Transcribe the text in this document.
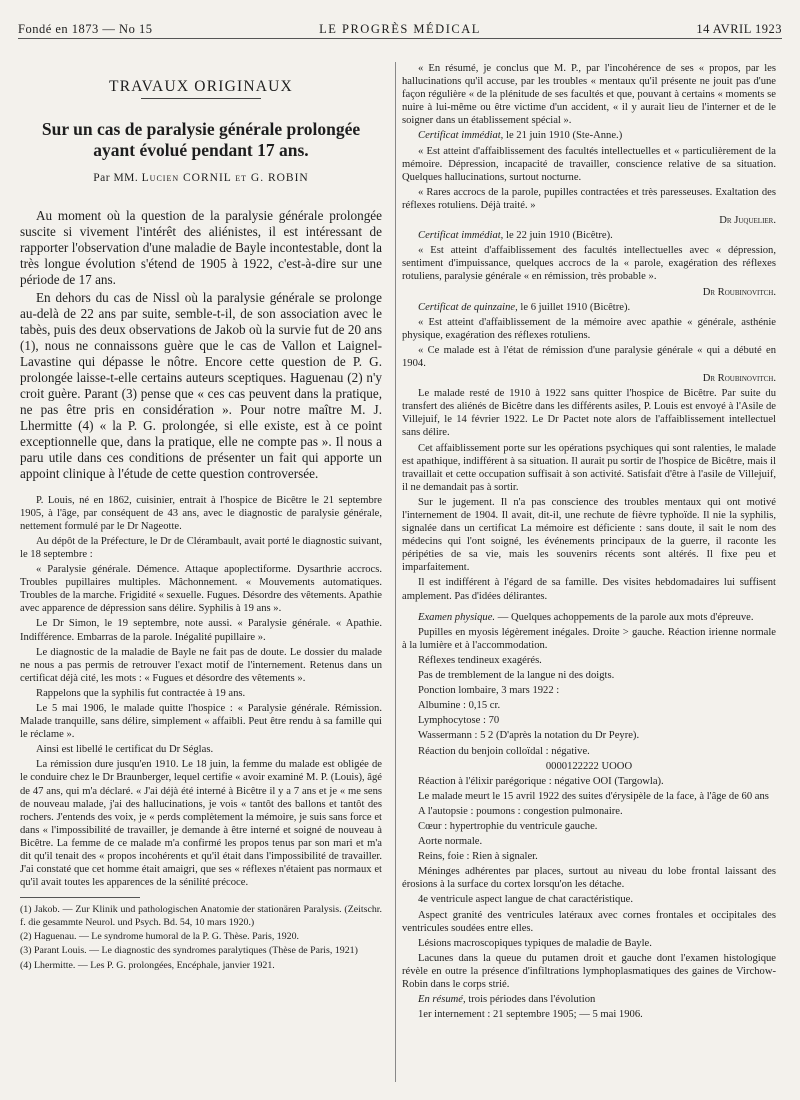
Fondé en 1873 — No 15	LE PROGRÈS MÉDICAL	14 AVRIL 1923
TRAVAUX ORIGINAUX
Sur un cas de paralysie générale prolongée
ayant évolué pendant 17 ans.
Par MM. Lucien CORNIL et G. ROBIN

Au moment où la question de la paralysie générale prolongée suscite si vivement l'intérêt des aliénistes, il est intéressant de rapporter l'observation d'une maladie de Bayle incontestable, dont la très longue évolution s'étend de 1905 à 1922, c'est-à-dire sur une période de 17 ans.

En dehors du cas de Nissl où la paralysie générale se prolonge au-delà de 22 ans par suite, semble-t-il, de son association avec le tabès, puis des deux observations de Jakob où la survie fut de 20 ans (1), nous ne connaissons guère que le cas de Vallon et Laignel-Lavastine qui dépasse le nôtre. Encore cette question de P. G. prolongée laisse-t-elle certains auteurs sceptiques. Haguenau (2) n'y croit guère. Parant (3) pense que « ces cas peuvent dans la pratique, ne pas être pris en considération ». Pour notre maître M. J. Lhermitte (4) « la P. G. prolongée, si elle existe, est à ce point exceptionnelle que, dans la pratique, elle ne compte pas ». Il nous a paru utile dans ces conditions de présenter un fait qui apporte un appoint clinique à l'étude de cette question controversée.

P. Louis, né en 1862, cuisinier, entrait à l'hospice de Bicêtre le 21 septembre 1905, à l'âge, par conséquent de 43 ans, avec le diagnostic de paralysie générale, nettement formulé par le Dr Nageotte.

Au dépôt de la Préfecture, le Dr de Clérambault, avait porté le diagnostic suivant, le 18 septembre :

« Paralysie générale. Démence. Attaque apoplectiforme. Dysarthrie accrocs. Troubles pupillaires multiples. Mâchonnement. « Mouvements automatiques. Troubles de la marche. Frigidité « sexuelle. Fugues. Désordre des vêtements. Apathie avec apparence de dépression sans délire. Syphilis à 19 ans ».

Le Dr Simon, le 19 septembre, note aussi. « Paralysie générale. « Apathie. Indifférence. Embarras de la parole. Inégalité pupillaire ».

Le diagnostic de la maladie de Bayle ne fait pas de doute. Le dossier du malade ne nous a pas permis de retrouver l'exact motif de l'internement. Retenus dans un certificat déjà cité, les mots : « Fugues et désordre des vêtements ».

Rappelons que la syphilis fut contractée à 19 ans.

Le 5 mai 1906, le malade quitte l'hospice : « Paralysie générale. Rémission. Malade tranquille, sans délire, simplement « affaibli. Peut être rendu à sa famille qui le réclame ».

Ainsi est libellé le certificat du Dr Séglas.

La rémission dure jusqu'en 1910. Le 18 juin, la femme du malade est obligée de le conduire chez le Dr Braunberger, lequel certifie « avoir examiné M. P. (Louis), âgé de 47 ans, qui m'a déclaré. « J'ai déjà été interné à Bicêtre il y a 7 ans et je « me sens de nouveau malade, j'ai des hallucinations, je vois « tantôt des ballons et tantôt des rochers. J'entends des voix, je « perds complètement la mémoire, je suis sans force et dans « l'impossibilité de travailler, je demande à être interné et soigné de nouveau à Bicêtre. La femme de ce malade m'a confirmé les propos tenus par son mari et m'a dit qu'il tenait des « propos incohérents et qu'il était dans l'impossibilité de travailler. J'ai constaté que cet homme était amaigri, que ses « réflexes n'étaient pas normaux et qu'il avait toutes les apparences de la sénilité précoce.

(1) Jakob. — Zur Klinik und pathologischen Anatomie der stationären Paralysis. (Zeitschr. f. die gesammte Neurol. und Psych. Bd. 54, 10 mars 1920.)

(2) Haguenau. — Le syndrome humoral de la P. G. Thèse. Paris, 1920.

(3) Parant Louis. — Le diagnostic des syndromes paralytiques (Thèse de Paris, 1921)

(4) Lhermitte. — Les P. G. prolongées, Encéphale, janvier 1921.

« En résumé, je conclus que M. P., par l'incohérence de ses « propos, par les hallucinations qu'il accuse, par les troubles « mentaux qu'il présente ne jouit pas d'une façon régulière « de la plénitude de ses facultés et que, pouvant à certains « moments se nuire à lui-même ou être victime d'un accident, « il y aurait lieu de l'interner et de le soigner dans un établissement spécial ».

Certificat immédiat, le 21 juin 1910 (Ste-Anne.)

« Est atteint d'affaiblissement des facultés intellectuelles et « particulièrement de la mémoire. Dépression, incapacité de travailler, conscience relative de sa situation. Quelques hallucinations, surtout nocturne.

« Rares accrocs de la parole, pupilles contractées et très paresseuses. Exaltation des réflexes rotuliens. Déjà traité. »

Dr Juquelier.

Certificat immédiat, le 22 juin 1910 (Bicêtre).

« Est atteint d'affaiblissement des facultés intellectuelles avec « dépression, sentiment d'impuissance, quelques accrocs de la « parole, exagération des réflexes rotuliens, paralysie générale « en rémission, très probable ».

Dr Roubinovitch.

Certificat de quinzaine, le 6 juillet 1910 (Bicêtre).

« Est atteint d'affaiblissement de la mémoire avec apathie « générale, asthénie physique, exagération des réflexes rotuliens.

« Ce malade est à l'état de rémission d'une paralysie générale « qui a débuté en 1904.

Dr Roubinovitch.

Le malade resté de 1910 à 1922 sans quitter l'hospice de Bicêtre. Par suite du transfert des aliénés de Bicêtre dans les différents asiles, P. Louis est envoyé à l'Asile de Villejuif, le 14 février 1922. Le Dr Pactet note alors de l'affaiblissement intellectuel sans délire.

Cet affaiblissement porte sur les opérations psychiques qui sont ralenties, le malade est apathique, indifférent à sa situation. Il aurait pu sortir de l'hospice de Bicêtre, mais il travaillait et cette occupation suffisait à son activité. Satisfait d'être à l'asile de Villejuif, il ne demandait pas à sortir.

Sur le jugement. Il n'a pas conscience des troubles mentaux qui ont motivé l'internement de 1904. Il avait, dit-il, une rechute de fièvre typhoïde. Il nie la syphilis, signalée dans un certificat La mémoire est déficiente : sans doute, il sait le nom des médecins qui l'ont soigné, les événements principaux de la guerre, il raconte les péripéties de sa vie, mais les souvenirs récents sont altérés. Il fixe peu et imparfaitement.

Il est indifférent à l'égard de sa famille. Des visites hebdomadaires lui suffisent amplement. Pas d'idées délirantes.

Examen physique. — Quelques achoppements de la parole aux mots d'épreuve.

Pupilles en myosis légèrement inégales. Droite > gauche. Réaction irienne normale à la lumière et à l'accommodation.

Réflexes tendineux exagérés.

Pas de tremblement de la langue ni des doigts.

Ponction lombaire, 3 mars 1922 :

Albumine : 0,15 cr.

Lymphocytose : 70

Wassermann : 5 2 (D'après la notation du Dr Peyre).

Réaction du benjoin colloïdal : négative.

0000122222 UOOO

Réaction à l'élixir parégorique : négative OOI (Targowla).

Le malade meurt le 15 avril 1922 des suites d'érysipèle de la face, à l'âge de 60 ans

A l'autopsie : poumons : congestion pulmonaire.

Cœur : hypertrophie du ventricule gauche.

Aorte normale.

Reins, foie : Rien à signaler.

Méninges adhérentes par places, surtout au niveau du lobe frontal laissant des érosions à la surface du cortex lorsqu'on les détache.

4e ventricule aspect langue de chat caractéristique.

Aspect granité des ventricules latéraux avec cornes frontales et occipitales des ventricules soudées entre elles.

Lésions macroscopiques typiques de maladie de Bayle.

Lacunes dans la queue du putamen droit et gauche dont l'examen histologique révèle en outre la présence d'infiltrations lymphoplasmatiques des gaines de Virchow-Robin dans le corps strié.

En résumé, trois périodes dans l'évolution

1er internement : 21 septembre 1905; — 5 mai 1906.
